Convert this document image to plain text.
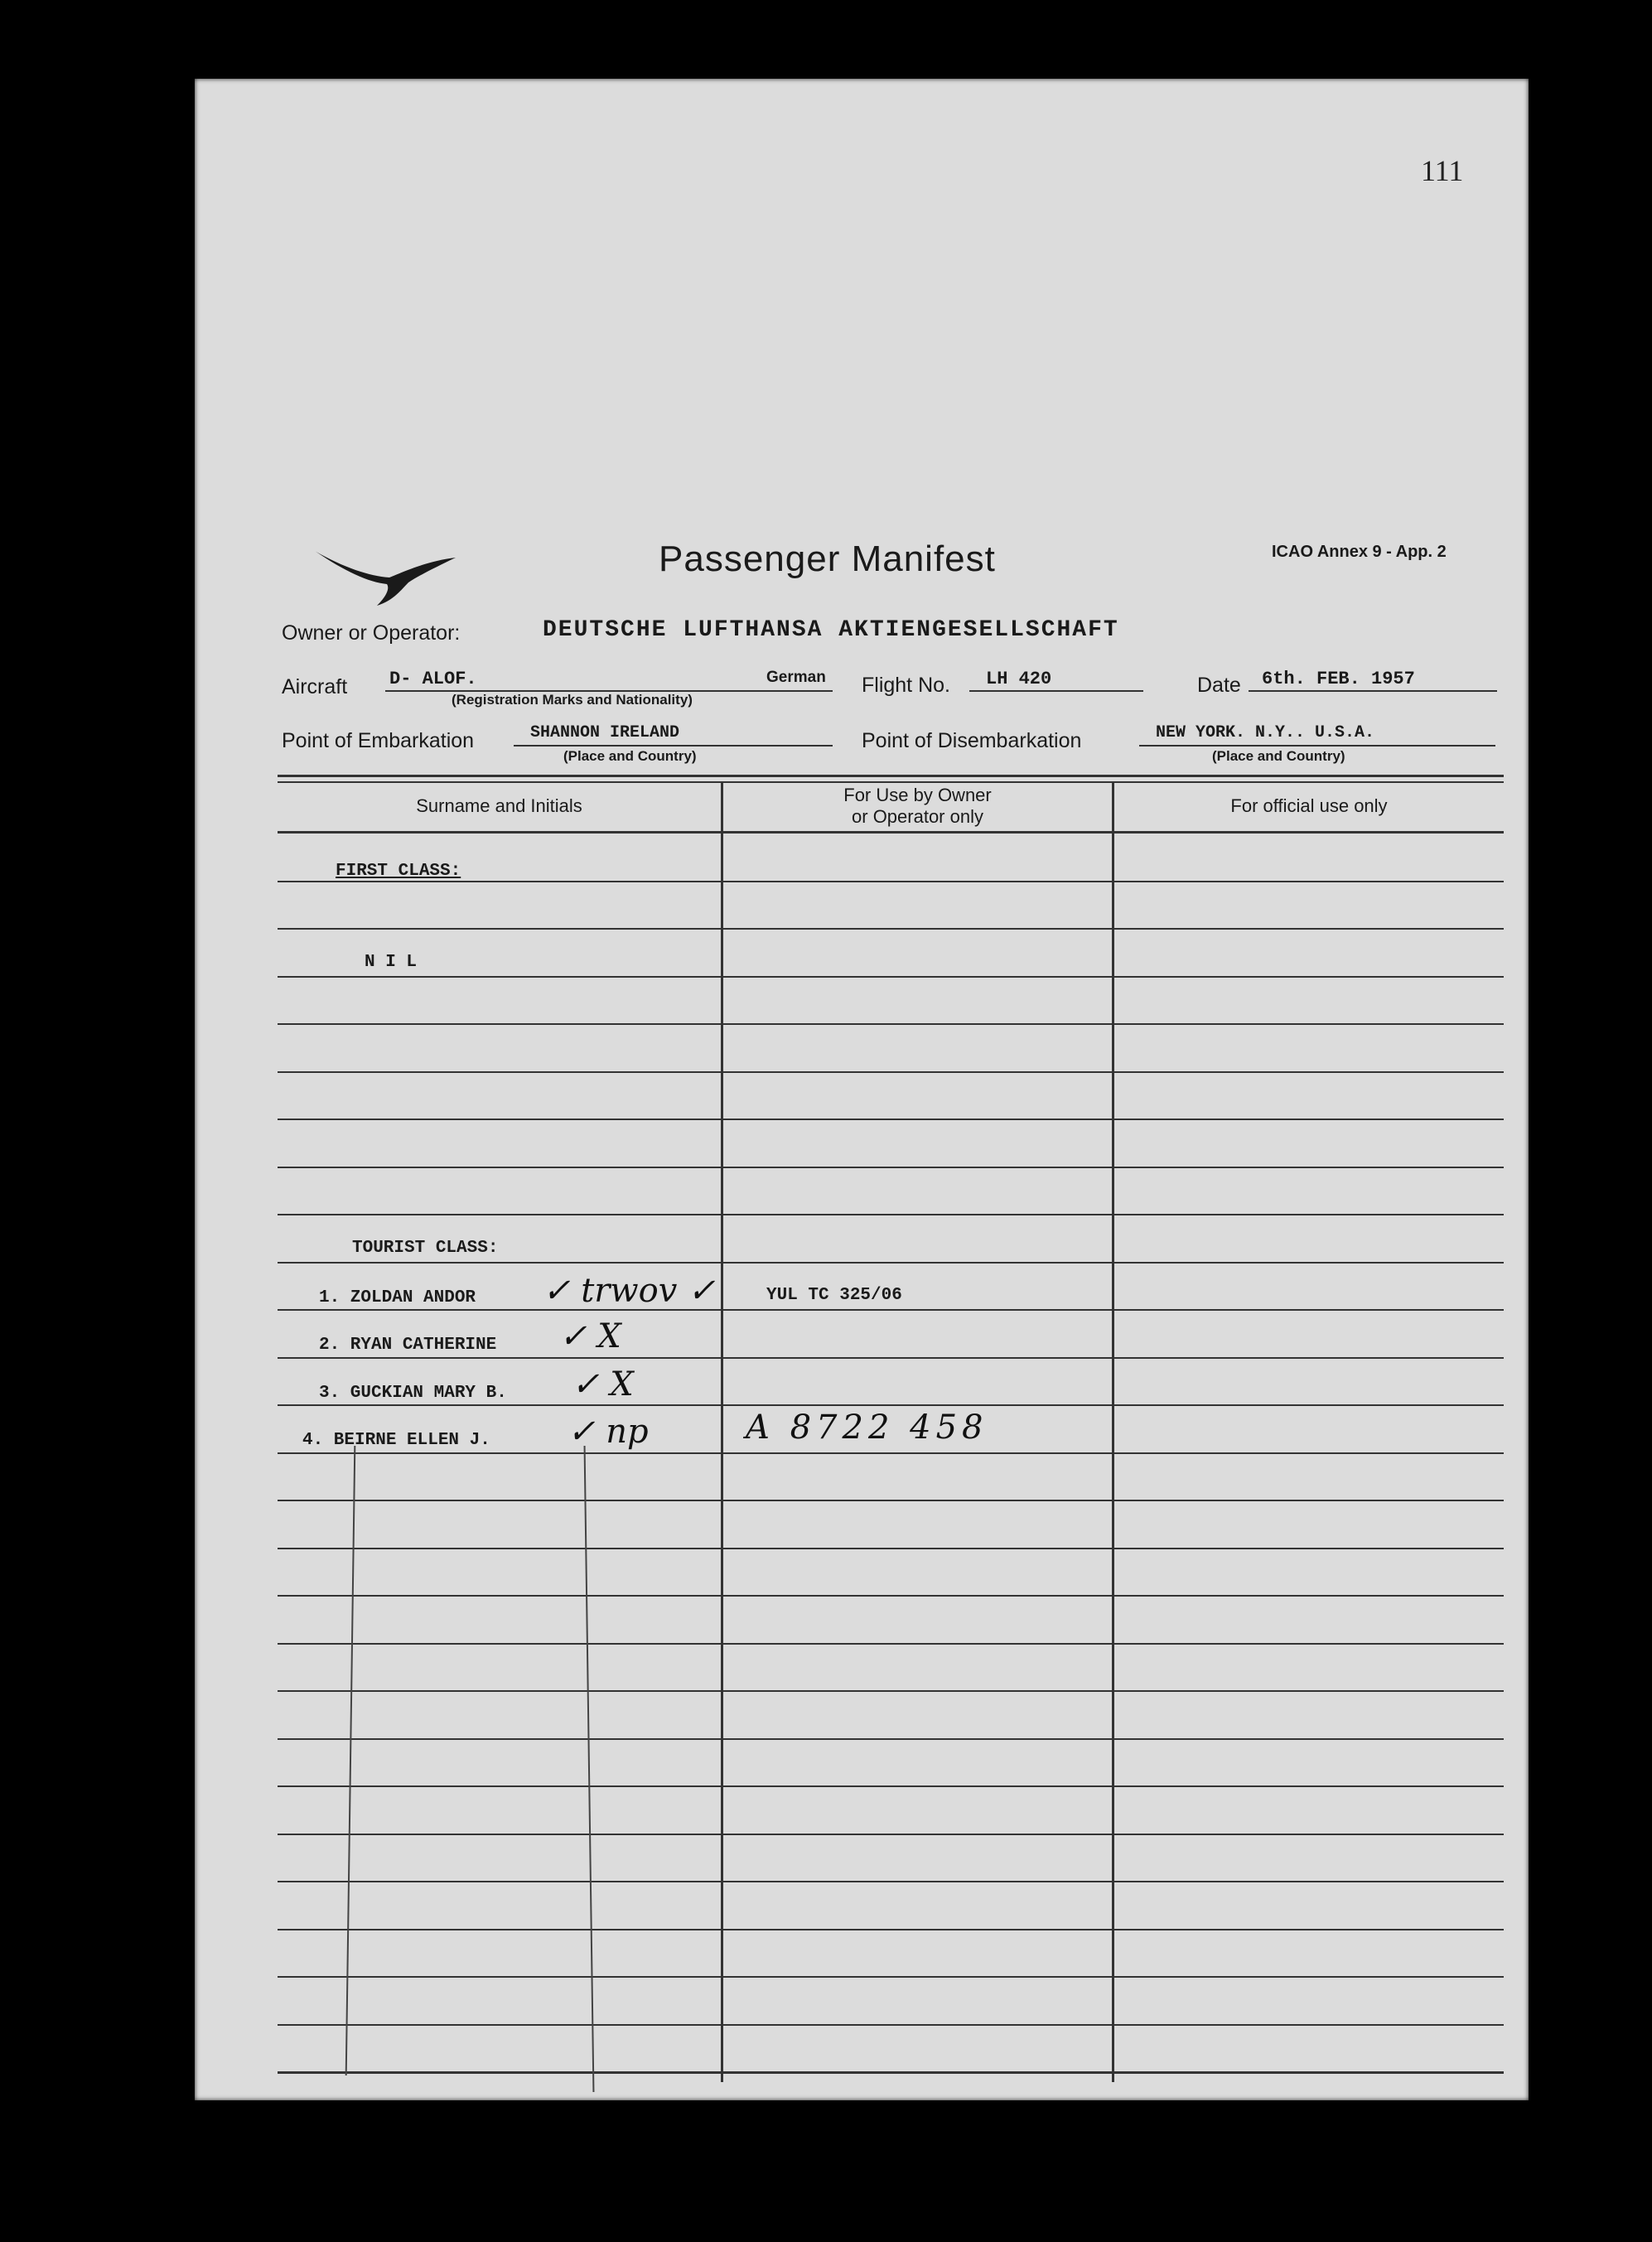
111
Passenger Manifest	ICAO Annex 9 - App. 2
Owner or Operator:	DEUTSCHE LUFTHANSA AKTIENGESELLSCHAFT
Aircraft D- ALOF.	German
(Registration Marks and Nationality)
Flight No. LH 420	Date 6th. FEB. 1957
Point of Embarkation	SHANNON IRELAND
(Place and Country)
Point of Disembarkation	NEW YORK. N.Y.. U.S.A.
(Place and Country)
Surname and Initials
For Use by Owner
or Operator only
For official use only
FIRST CLASS:
N I L
TOURIST CLASS:
1. ZOLDAN ANDOR ✓ trwov ✓	YUL TC 325/06
2. RYAN CATHERINE ✓ X
3. GUCKIAN MARY B. ✓ X
4. BEIRNE ELLEN J. ✓ np	A 8722 458
